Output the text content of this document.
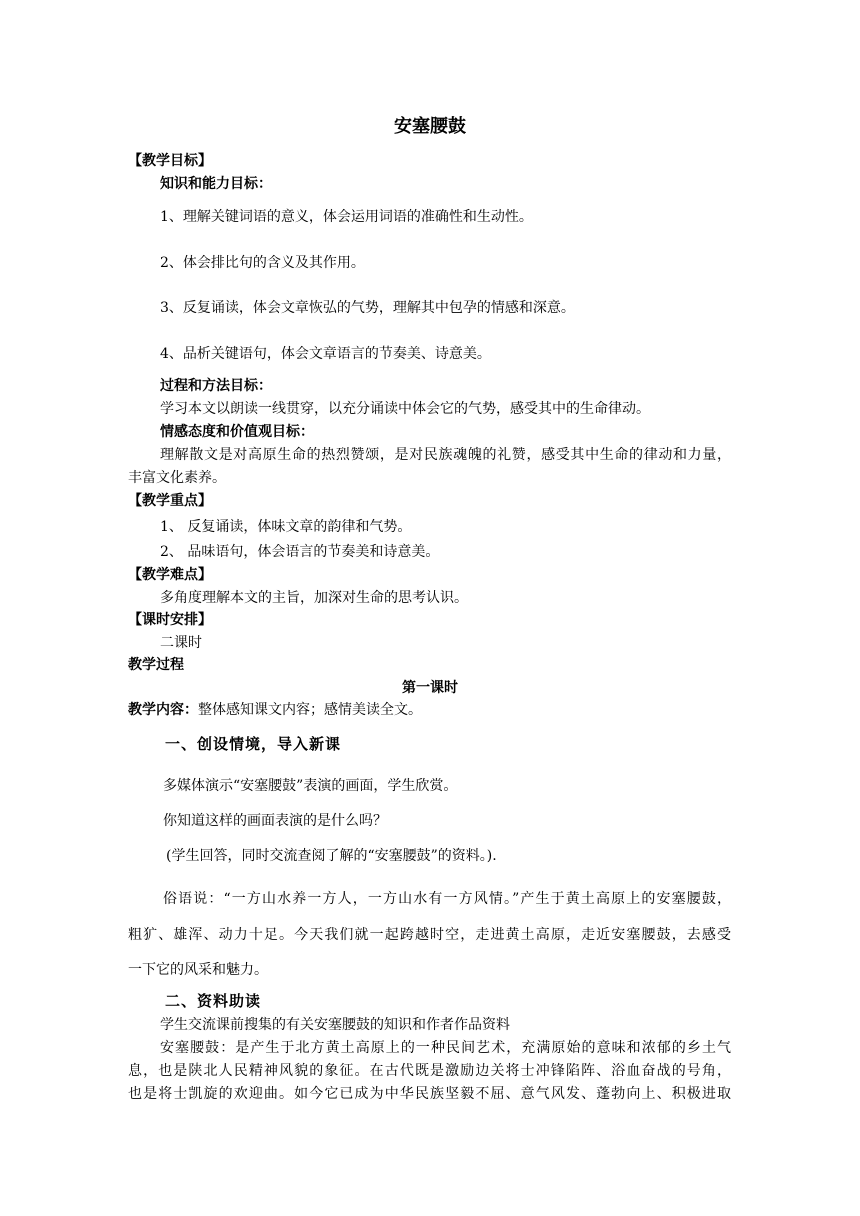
安塞腰鼓
【教学目标】
知识和能力目标：
1、理解关键词语的意义，体会运用词语的准确性和生动性。
2、体会排比句的含义及其作用。
3、反复诵读，体会文章恢弘的气势，理解其中包孕的情感和深意。
4、品析关键语句，体会文章语言的节奏美、诗意美。
过程和方法目标：
学习本文以朗读一线贯穿，以充分诵读中体会它的气势，感受其中的生命律动。
情感态度和价值观目标：
理解散文是对高原生命的热烈赞颂，是对民族魂魄的礼赞，感受其中生命的律动和力量，
丰富文化素养。
【教学重点】
1、 反复诵读，体味文章的韵律和气势。
2、 品味语句，体会语言的节奏美和诗意美。
【教学难点】
多角度理解本文的主旨，加深对生命的思考认识。
【课时安排】
二课时
教学过程
第一课时
教学内容：整体感知课文内容；感情美读全文。
一、创设情境，导入新课
多媒体演示“安塞腰鼓”表演的画面，学生欣赏。
你知道这样的画面表演的是什么吗？
(学生回答，同时交流查阅了解的“安塞腰鼓”的资料。).
俗语说：“一方山水养一方人，一方山水有一方风情。”产生于黄土高原上的安塞腰鼓，
粗犷、雄浑、动力十足。今天我们就一起跨越时空，走进黄土高原，走近安塞腰鼓，去感受
一下它的风采和魅力。
二、资料助读
学生交流课前搜集的有关安塞腰鼓的知识和作者作品资料
安塞腰鼓：是产生于北方黄土高原上的一种民间艺术，充满原始的意味和浓郁的乡土气
息，也是陕北人民精神风貌的象征。在古代既是激励边关将士冲锋陷阵、浴血奋战的号角，
也是将士凯旋的欢迎曲。如今它已成为中华民族坚毅不屈、意气风发、蓬勃向上、积极进取
